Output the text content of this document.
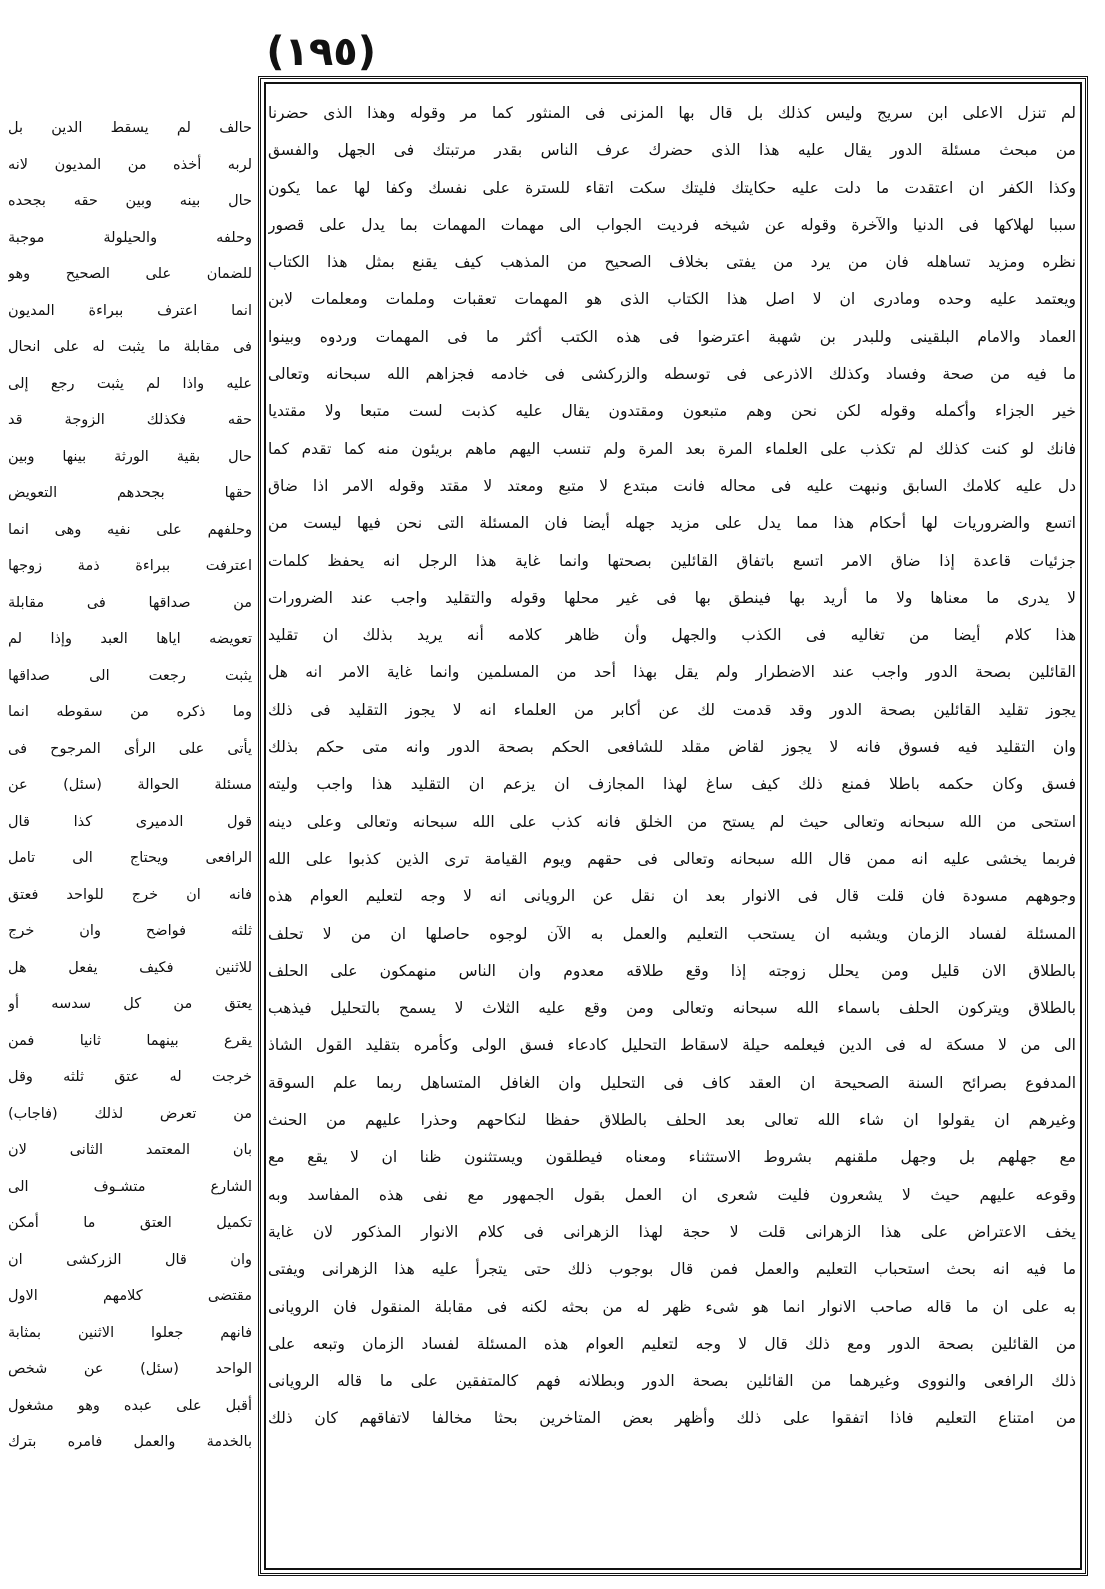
(١٩٥)
لم تنزل الاعلى ابن سريج وليس كذلك بل قال بها المزنى فى المنثور كما مر وقوله وهذا الذى حضرنا
من مبحث مسئلة الدور يقال عليه هذا الذى حضرك عرف الناس بقدر مرتبتك فى الجهل والفسق
وكذا الكفر ان اعتقدت ما دلت عليه حكايتك فليتك سكت اتقاء للسترة على نفسك وكفا لها عما يكون
سببا لهلاكها فى الدنيا والآخرة وقوله عن شيخه فرديت الجواب الى مهمات المهمات بما يدل على قصور
نظره ومزيد تساهله فان من يرد من يفتى بخلاف الصحيح من المذهب كيف يقنع بمثل هذا الكتاب
ويعتمد عليه وحده ومادرى ان لا اصل هذا الكتاب الذى هو المهمات تعقبات وملمات ومعلمات لابن
العماد والامام البلقينى وللبدر بن شهبة اعترضوا فى هذه الكتب أكثر ما فى المهمات وردوه وبينوا
ما فيه من صحة وفساد وكذلك الاذرعى فى توسطه والزركشى فى خادمه فجزاهم الله سبحانه وتعالى
خير الجزاء وأكمله وقوله لكن نحن وهم متبعون ومقتدون يقال عليه كذبت لست متبعا ولا مقتديا
فانك لو كنت كذلك لم تكذب على العلماء المرة بعد المرة ولم تنسب اليهم ماهم بريئون منه كما تقدم كما
دل عليه كلامك السابق ونبهت عليه فى محاله فانت مبتدع لا متبع ومعتد لا مقتد وقوله الامر اذا ضاق
اتسع والضروريات لها أحكام هذا مما يدل على مزيد جهله أيضا فان المسئلة التى نحن فيها ليست من
جزئيات قاعدة إذا ضاق الامر اتسع باتفاق القائلين بصحتها وانما غاية هذا الرجل انه يحفظ كلمات
لا يدرى ما معناها ولا ما أريد بها فينطق بها فى غير محلها وقوله والتقليد واجب عند الضرورات
هذا كلام أيضا من تغاليه فى الكذب والجهل وأن ظاهر كلامه أنه يريد بذلك ان تقليد
القائلين بصحة الدور واجب عند الاضطرار ولم يقل بهذا أحد من المسلمين وانما غاية الامر انه هل
يجوز تقليد القائلين بصحة الدور وقد قدمت لك عن أكابر من العلماء انه لا يجوز التقليد فى ذلك
وان التقليد فيه فسوق فانه لا يجوز لقاض مقلد للشافعى الحكم بصحة الدور وانه متى حكم بذلك
فسق وكان حكمه باطلا فمنع ذلك كيف ساغ لهذا المجازف ان يزعم ان التقليد هذا واجب وليته
استحى من الله سبحانه وتعالى حيث لم يستح من الخلق فانه كذب على الله سبحانه وتعالى وعلى دينه
فربما يخشى عليه انه ممن قال الله سبحانه وتعالى فى حقهم ويوم القيامة ترى الذين كذبوا على الله
وجوههم مسودة فان قلت قال فى الانوار بعد ان نقل عن الرويانى انه لا وجه لتعليم العوام هذه
المسئلة لفساد الزمان ويشبه ان يستحب التعليم والعمل به الآن لوجوه حاصلها ان من لا تحلف
بالطلاق الان قليل ومن يحلل زوجته إذا وقع طلاقه معدوم وان الناس منهمكون على الحلف
بالطلاق ويتركون الحلف باسماء الله سبحانه وتعالى ومن وقع عليه الثلاث لا يسمح بالتحليل فيذهب
الى من لا مسكة له فى الدين فيعلمه حيلة لاسقاط التحليل كادعاء فسق الولى وكأمره بتقليد القول الشاذ
المدفوع بصرائح السنة الصحيحة ان العقد كاف فى التحليل وان الغافل المتساهل ربما علم السوقة
وغيرهم ان يقولوا ان شاء الله تعالى بعد الحلف بالطلاق حفظا لنكاحهم وحذرا عليهم من الحنث
مع جهلهم بل وجهل ملقنهم بشروط الاستثناء ومعناه فيطلقون ويستثنون ظنا ان لا يقع مع
وقوعه عليهم حيث لا يشعرون فليت شعرى ان العمل بقول الجمهور مع نفى هذه المفاسد وبه
يخف الاعتراض على هذا الزهرانى قلت لا حجة لهذا الزهرانى فى كلام الانوار المذكور لان غاية
ما فيه انه بحث استحباب التعليم والعمل فمن قال بوجوب ذلك حتى يتجرأ عليه هذا الزهرانى ويفتى
به على ان ما قاله صاحب الانوار انما هو شىء ظهر له من بحثه لكنه فى مقابلة المنقول فان الرويانى
من القائلين بصحة الدور ومع ذلك قال لا وجه لتعليم العوام هذه المسئلة لفساد الزمان وتبعه على
ذلك الرافعى والنووى وغيرهما من القائلين بصحة الدور وبطلانه فهم كالمتفقين على ما قاله الرويانى
من امتناع التعليم فاذا اتفقوا على ذلك وأظهر بعض المتاخرين بحثا مخالفا لاتفاقهم كان ذلك
حالف لم يسقط الدين بل
لربه أخذه من المديون لانه
حال بينه وبين حقه بجحده
وحلفه والحيلولة موجبة
للضمان على الصحيح وهو
انما اعترف ببراءة المديون
فى مقابلة ما يثبت له على انحال
عليه واذا لم يثبت رجع إلى
حقه فكذلك الزوجة قد
حال بقية الورثة بينها وبين
حقها بجحدهم التعويض
وحلفهم على نفيه وهى انما
اعترفت ببراءة ذمة زوجها
من صداقها فى مقابلة
تعويضه اياها العبد وإذا لم
يثبت رجعت الى صداقها
وما ذكره من سقوطه انما
يأتى على الرأى المرجوح فى
مسئلة الحوالة (سئل) عن
قول الدميرى كذا قال
الرافعى ويحتاج الى تامل
فانه ان خرج للواحد فعتق
ثلثه فواضح وان خرج
للاثنين فكيف يفعل هل
يعتق من كل سدسه أو
يقرع بينهما ثانيا فمن
خرجت له عتق ثلثه وقل
من تعرض لذلك (فاجاب)
بان المعتمد الثانى لان
الشارع متشـوف الى
تكميل العتق ما أمكن
وان قال الزركشى ان
مقتضى كلامهم الاول
فانهم جعلوا الاثنين بمثابة
الواحد (سئل) عن شخص
أقبل على عبده وهو مشغول
بالخدمة والعمل فامره بترك
